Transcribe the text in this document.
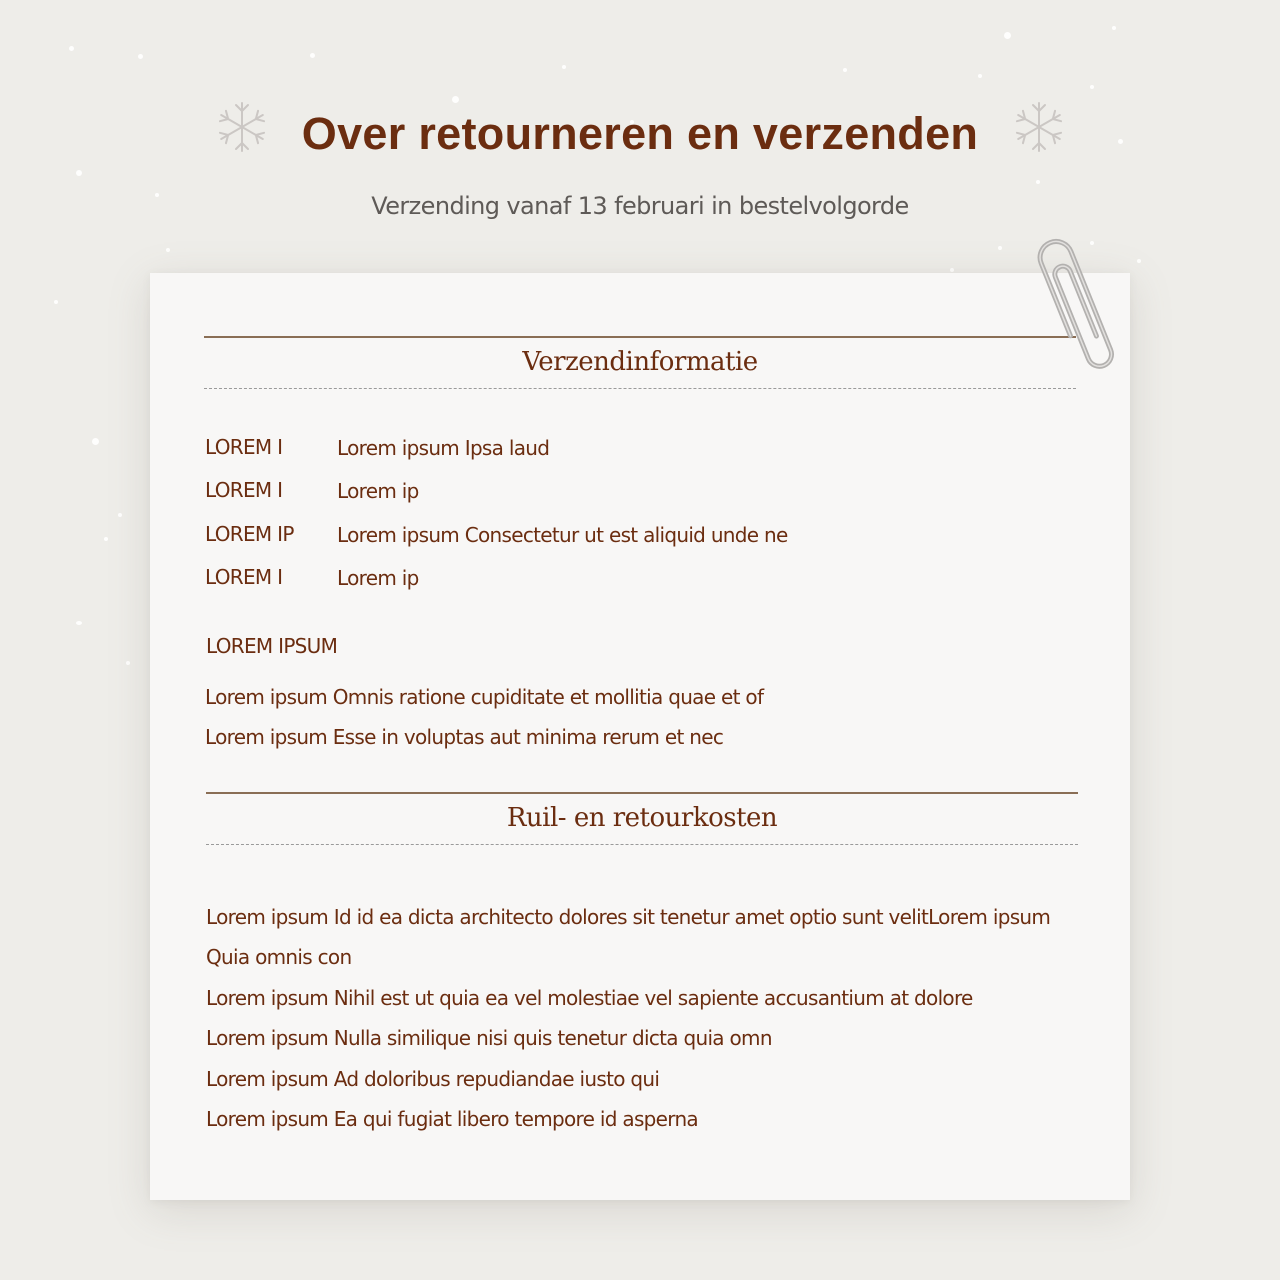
Over retourneren en verzenden
Verzending vanaf 13 februari in bestelvolgorde
Verzendinformatie
LOREM I	Lorem ipsum Ipsa laud
LOREM I	Lorem ip
LOREM IP Lorem ipsum Consectetur ut est aliquid unde ne
LOREM I	Lorem ip
LOREM IPSUM
Lorem ipsum Omnis ratione cupiditate et mollitia quae et of
Lorem ipsum Esse in voluptas aut minima rerum et nec
Ruil- en retourkosten
Lorem ipsum Id id ea dicta architecto dolores sit tenetur amet optio sunt velitLorem ipsum
Quia omnis con
Lorem ipsum Nihil est ut quia ea vel molestiae vel sapiente accusantium at dolore
Lorem ipsum Nulla similique nisi quis tenetur dicta quia omn
Lorem ipsum Ad doloribus repudiandae iusto qui
Lorem ipsum Ea qui fugiat libero tempore id asperna
